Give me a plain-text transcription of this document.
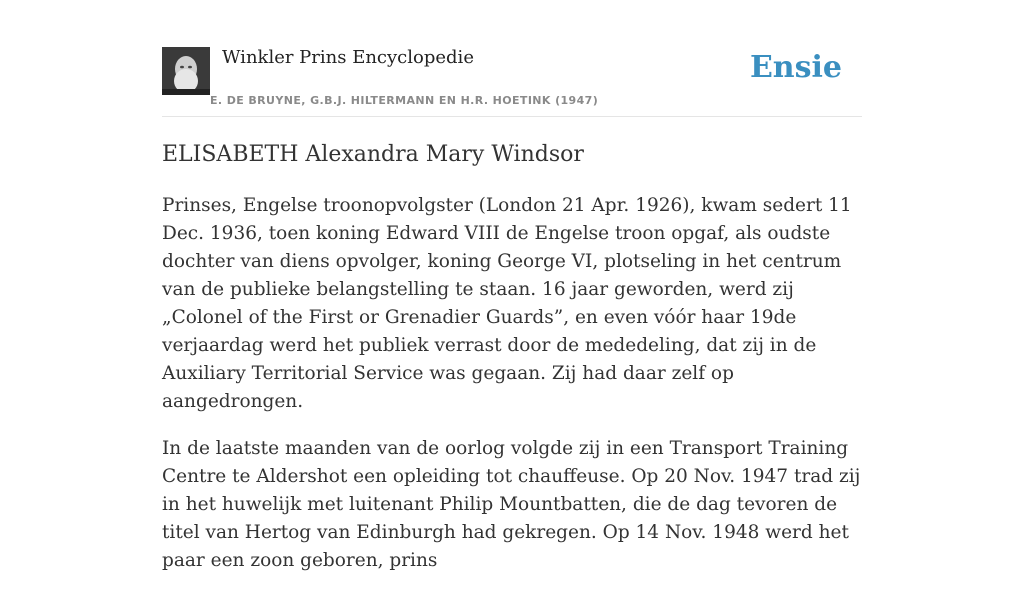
Winkler Prins Encyclopedie
E. DE BRUYNE, G.B.J. HILTERMANN EN H.R. HOETINK (1947)
Ensie
ELISABETH Alexandra Mary Windsor

Prinses, Engelse troonopvolgster (London 21 Apr. 1926), kwam sedert 11 Dec. 1936, toen koning Edward VIII de Engelse troon opgaf, als oudste dochter van diens opvolger, koning George VI, plotseling in het centrum van de publieke belangstelling te staan. 16 jaar geworden, werd zij „Colonel of the First or Grenadier Guards”, en even vóór haar 19de verjaardag werd het publiek verrast door de mededeling, dat zij in de Auxiliary Territorial Service was gegaan. Zij had daar zelf op aangedrongen.

In de laatste maanden van de oorlog volgde zij in een Transport Training Centre te Aldershot een opleiding tot chauffeuse. Op 20 Nov. 1947 trad zij in het huwelijk met luitenant Philip Mountbatten, die de dag tevoren de titel van Hertog van Edinburgh had gekregen. Op 14 Nov. 1948 werd het paar een zoon geboren, prins
